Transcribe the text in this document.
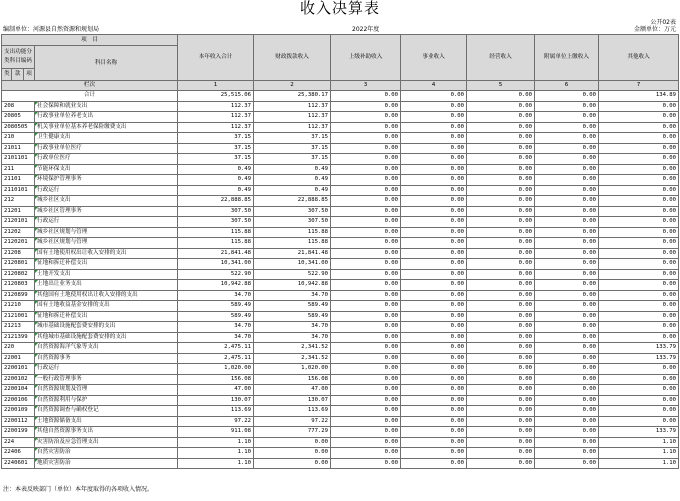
收入决算表
公开02表
编制单位：河源县自然资源和规划局	2022年度	金额单位：万元
项　目				本年收入合计	财政拨款收入	上级补助收入	事业收入	经营收入	附属单位上缴收入	其他收入
支出功能分类科目编码			科目名称							
类	款	项								
栏次				1	2	3	4	5	6	7
合计				25,515.06	25,380.17	0.00	0.00	0.00	0.00	134.89
208			社会保障和就业支出	112.37	112.37	0.00	0.00	0.00	0.00	0.00
20805			行政事业单位养老支出	112.37	112.37	0.00	0.00	0.00	0.00	0.00
2080505			机关事业单位基本养老保险缴费支出	112.37	112.37	0.00	0.00	0.00	0.00	0.00
210			卫生健康支出	37.15	37.15	0.00	0.00	0.00	0.00	0.00
21011			行政事业单位医疗	37.15	37.15	0.00	0.00	0.00	0.00	0.00
2101101			行政单位医疗	37.15	37.15	0.00	0.00	0.00	0.00	0.00
211			节能环保支出	0.49	0.49	0.00	0.00	0.00	0.00	0.00
21101			环境保护管理事务	0.49	0.49	0.00	0.00	0.00	0.00	0.00
2110101			行政运行	0.49	0.49	0.00	0.00	0.00	0.00	0.00
212			城乡社区支出	22,888.85	22,888.85	0.00	0.00	0.00	0.00	0.00
21201			城乡社区管理事务	307.50	307.50	0.00	0.00	0.00	0.00	0.00
2120101			行政运行	307.50	307.50	0.00	0.00	0.00	0.00	0.00
21202			城乡社区规划与管理	115.88	115.88	0.00	0.00	0.00	0.00	0.00
2120201			城乡社区规划与管理	115.88	115.88	0.00	0.00	0.00	0.00	0.00
21208			国有土地使用权出让收入安排的支出	21,841.48	21,841.48	0.00	0.00	0.00	0.00	0.00
2120801			征地和拆迁补偿支出	10,341.00	10,341.00	0.00	0.00	0.00	0.00	0.00
2120802			土地开发支出	522.90	522.90	0.00	0.00	0.00	0.00	0.00
2120803			土地出让业务支出	10,942.88	10,942.88	0.00	0.00	0.00	0.00	0.00
2120899			其他国有土地使用权出让收入安排的支出	34.70	34.70	0.00	0.00	0.00	0.00	0.00
21210			国有土地收益基金安排的支出	589.49	589.49	0.00	0.00	0.00	0.00	0.00
2121001			征地和拆迁补偿支出	589.49	589.49	0.00	0.00	0.00	0.00	0.00
21213			城市基础设施配套费安排的支出	34.70	34.70	0.00	0.00	0.00	0.00	0.00
2121399			其他城市基础设施配套费安排的支出	34.70	34.70	0.00	0.00	0.00	0.00	0.00
220			自然资源海洋气象等支出	2,475.11	2,341.52	0.00	0.00	0.00	0.00	133.79
22001			自然资源事务	2,475.11	2,341.52	0.00	0.00	0.00	0.00	133.79
2200101			行政运行	1,020.00	1,020.00	0.00	0.00	0.00	0.00	0.00
2200102			一般行政管理事务	156.08	156.08	0.00	0.00	0.00	0.00	0.00
2200104			自然资源规划及管理	47.00	47.00	0.00	0.00	0.00	0.00	0.00
2200106			自然资源利用与保护	130.07	130.07	0.00	0.00	0.00	0.00	0.00
2200109			自然资源调查与确权登记	113.69	113.69	0.00	0.00	0.00	0.00	0.00
2200112			土地资源储备支出	97.22	97.22	0.00	0.00	0.00	0.00	0.00
2200199			其他自然资源事务支出	911.08	777.29	0.00	0.00	0.00	0.00	133.79
224			灾害防治及应急管理支出	1.10	0.00	0.00	0.00	0.00	0.00	1.10
22406			自然灾害防治	1.10	0.00	0.00	0.00	0.00	0.00	1.10
2240601			地质灾害防治	1.10	0.00	0.00	0.00	0.00	0.00	1.10
注：本表反映部门（单位）本年度取得的各项收入情况。
